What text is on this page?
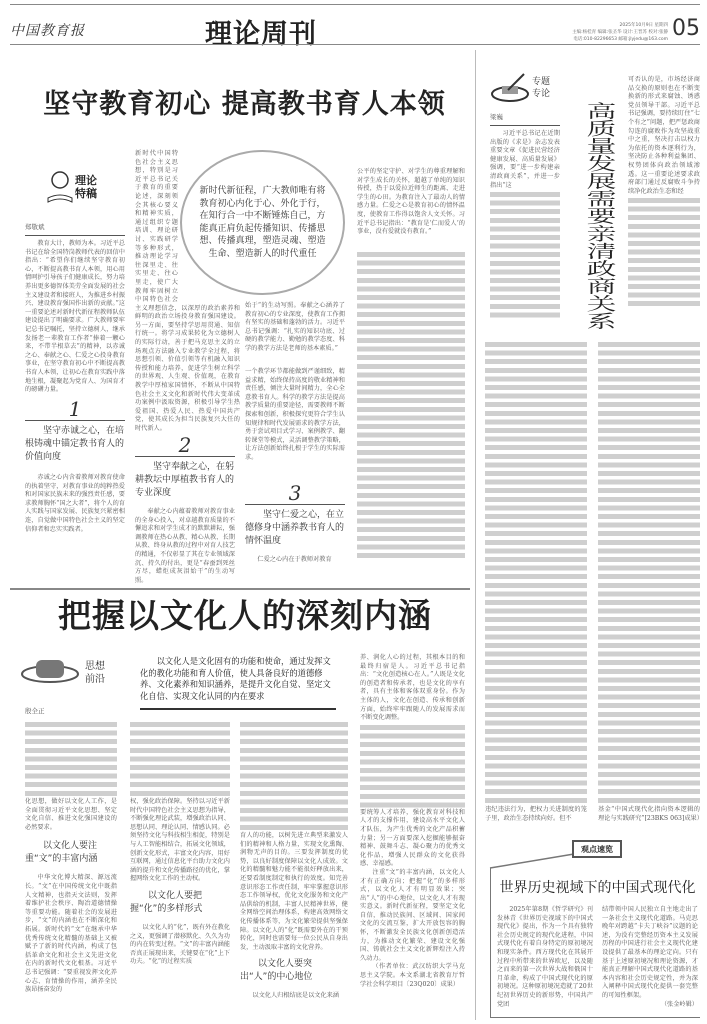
中国教育报	理论周刊	2025年10月9日 星期四
主编:杨桂青 编辑:张圣华 设计:王晋苏 校对:张静
电话:010-82296653 邮箱:jlyjedu@163.com 05
坚守教育初心 提高教书育人本领
理论特稿
郑敬斌
教育大计，教师为本。习近平总书记在给全国特岗教师代表的回信中指出：“希望你们继续坚守教育初心，不断提高教书育人本领，用心用情呵护引导孩子们健康成长，努力培养出更多德智体美劳全面发展的社会主义建设者和接班人，为推进乡村振兴、建设教育强国作出新的贡献。”这一重要论述对新时代新征程教师队伍建设提出了明确要求。广大教师要牢记总书记嘱托，坚持立德树人，继承发扬老一辈教育工作者“捧着一颗心来，不带半根草去”的精神，以赤诚之心、奉献之心、仁爱之心投身教育事业，在坚守教育初心中不断提高教书育人本领，让初心在教育实践中落地生根，凝聚起为党育人、为国育才的磅礴力量。
新时代中国特色社会主义思想，特别是习近平总书记关于教育的重要论述，深刻领会其核心要义和精神实质，通过组织专题培训、理论研讨、实践研学等多种形式，推动理论学习往深里走、往实里走、往心里走，使广大教师牢固树立中国特色社会主义理想信念，以深厚的政治素养和鲜明的政治立场投身教育强国建设。另一方面，要坚持学思用贯通、知信行统一。将学习成果转化为立德树人的实际行动，善于把马克思主义的立场观点方法融入专业教学全过程，将思想引领、价值引领等有机融入知识传授和能力培养，促进学生树立科学的世界观、人生观、价值观，在教育教学中厚植家国情怀，不断从中国特色社会主义文化和新时代伟大变革成功案例中汲取资源，积极引导学生热爱祖国、热爱人民、热爱中国共产党，使其成长为担当民族复兴大任的时代新人。
新时代新征程，广大教师唯有将教育初心内化于心、外化于行，在知行合一中不断锤炼自己，方能真正肩负起传播知识、传播思想、传播真理，塑造灵魂、塑造生命、塑造新人的时代重任
始于“的生动写照。奉献之心涵养了教育初心的专业深度，使教育工作拥有坚实的基础和蓬勃的活力。习近平总书记强调：“扎实的知识功底、过硬的教学能力、勤勉的教学态度、科学的教学方法是老师的基本素质。”
公平的坚定守护、对学生的尊重理解和对学生成长的关怀，超越了单纯的知识传授，热于以爱拉近师生的距离、走进学生的心田。为教育注入了最动人的情感力量。仁爱之心是教育初心的情怀温度，使教育工作得以饱含人文关怀。习近平总书记指出：“教育是‘仁而爱人’的事业，没有爱就没有教育。”
一个教学环节都能做到严谨细致，精益求精，始终保持高度的敬业精神和责任感，倾注大量时间精力，全心全意教书育人。科学的教学方法是提高教学质量的重要途径，需要教师不断探索和创新，积极探究更符合学生认知规律和时代发展需求的教学方法，勇于尝试项目式学习、案例教学、翻转课堂等模式，灵活调整教学策略，让方法创新始终扎根于学生的实际需求。
1
坚守赤诚之心，在培根铸魂中锚定教书育人的价值向度
赤诚之心内含着教师对教育使命的执着坚守，对教育事业的纯粹热爱和对国家民族未来的强烈责任感，要求教师胸怀“国之大者”，将个人的育人实践与国家发展、民族复兴紧密相连，自觉做中国特色社会主义的坚定信仰者和忠实实践者。
2
坚守奉献之心，在躬耕教坛中厚植教书育人的专业深度
奉献之心内蕴着教师对教育事业的全身心投入，对卓越教育质量的不懈追求和对学生成才的默默耕耘，强调教师在热心从教、精心从教、长期从教、终身从教的过程中对育人技艺的精通，不仅彰显了其在专业领域深沉、持久的付出，更是“春蚕到死丝方尽，蜡炬成灰泪始干”的生动写照。
3
坚守仁爱之心，在立德修身中涵养教书育人的情怀温度
仁爱之心内在于教师对教育
把握以文化人的深刻内涵
思想前沿
以文化人是文化固有的功能和使命，通过发挥文化的教化功能和育人价值，使人具备良好的道德修养、文化素养和知识涵养，是提升文化自觉、坚定文化自信、实现文化认同的内在要求
殷全正
化思想，做好以文化人工作，是全面贯彻习近平文化思想、坚定文化自信、推进文化强国建设的必然要求。
以文化人要注重“文”的丰富内涵
中华文化博大精深、源远流长。“文”在中国传统文化中既指人文精神，也指天文法则，发挥着维护社会秩序、陶冶道德情操等重要功能。随着社会的发展进步，“文”的内涵也在不断深化和拓展。新时代的“文”在继承中华优秀传统文化精髓的基础上又被赋予了新的时代内涵，构成了包括革命文化和社会主义先进文化在内的新时代文化根基。习近平总书记强调：“要重视发挥文化养心志、育情操的作用，涵养全民族昂扬奋发的
权，强化政治保障。坚持以习近平新时代中国特色社会主义思想为指导，不断强化理论武装，增强政治认同、思想认同、理论认同、情感认同。必须坚持文化与科技相生相促，特别是与人工智能相结合，拓展文化领域，创新文化形式，丰富文化内容，用好互联网，通过信息化平台助力文化内涵的提升和文化传播路径的优化，掌握网络文化工作的主动权。
以文化人要把握“化”的多样形式
以文化人的“化”，既有外在教化之义，更强调了潜移默化、久久为功的内在转变过程。“文”的丰富内涵能否真正展现出来，关键要在“化”上下功夫。“化”的过程实质
育人的功能，以树先进立典型来激发人们的精神和人格力量，实现文化熏陶、润物无声的目的。三要发挥制度的优势，以良好制度保障以文化人成效。文化的精髓和魅力能不能很好释放出来，还要看制度制定和执行的效度。知完善意识形态工作责任制，牢牢掌握意识形态工作领导权，优化文化服务和文化产品供给的机制，丰富人民精神世界，健全网络空间治理体系，构建高效网络文化传播体系等，为文化繁荣提供坚强保障。以文化人的“化”既需要外在的干预转化，同时也需要每一位公民从自身出发，主动汲取丰富的文化营养。
以文化人要突出“人”的中心地位
以文化人归根结底是以文化来涵
养、润化人心的过程，其根本目的和最终归宿是人。习近平总书记指出：“文化创造核心在人。”人既是文化的创造者和传承者，也是文化的享有者，具有主体和客体双重身份。作为主体的人，文化在创造、传承和创新方面，始终牢牢跟随人的发展需求而不断变化调整。
要统筹人才培养，强化教育对科技和人才的支撑作用，建设高水平文化人才队伍，为产生优秀的文化产品积蓄力量；另一方面要深入挖掘能够振奋精神、鼓舞斗志、凝心聚力的优秀文化作品，增强人民群众的文化获得感、幸福感。
注重“文”的丰富内涵，以文化人才有正确方向；把握“化”的多样形式，以文化人才有明显效果；突出“人”的中心地位，以文化人才有现实意义。新时代新征程，要坚定文化自信，推动民族间、区域间、国家间文化的交流互鉴，扩大开放包容的胸怀，不断激发全民族文化创新创造活力，为推动文化繁荣、建设文化强国、铸就社会主义文化新辉煌注入持久动力。
（作者单位：武汉纺织大学马克思主义学院。本文系湖北省教育厅哲学社会科学项目〔23Q020〕成果）
专题专论
梁巍
习近平总书记在近期出版的《求是》杂志发表重要文章《促进民营经济健康发展、高质量发展》强调，要“进一步构建亲清政商关系”，并进一步指出“这	高质量发展需要亲清政商关系
可否认的是，市场经济商品交换的原则也在不断变换新的形式来腐蚀、诱惑党员领导干部。习近平总书记强调，要持续盯住“七个有之”问题，把严惩政商勾连的腐败作为攻坚战重中之重，坚决打击以权力为依托的资本逐利行为，坚决防止各种利益集团、权势团体向政治领域渗透。这一重要论述要求政府部门通过反腐败斗争持续净化政治生态和经
违纪违法行为，把权力关进制度的笼子里，政治生态持续向好。但不
基金“中国式现代化指向资本逻辑的理论与实践研究”[23BKS 063]成果）
观点速览
世界历史视域下的中国式现代化
2025年第8期《哲学研究》刊发林青《世界历史视域下的中国式现代化》提出，作为一个具有独特社会历史规定的现代化进程，中国式现代化有着自身特定的原初境况和现实条件。西方现代化在其展开过程中所带来的世界欧尼，以及随之而来的第一次世界大战和俄国十月革命，构成了中国式现代化的原初境况。这种原初境况造就了20世纪初世界历史的新形势，中国共产党团
结带领中国人民独立自主地走出了一条社会主义现代化道路。马克思晚年对跨越“卡夫丁峡谷”议题的论述，为没有完整经历资本主义发展历程的中国进行社会主义现代化建设提供了最基本的理论定向。只有基于上述原初境况和理论资源，才能真正理解中国式现代化道路的基本内容和社会历史规定性，并为深入阐释中国式现代化提供一套完整的可知性框架。
（张金岭辑）
